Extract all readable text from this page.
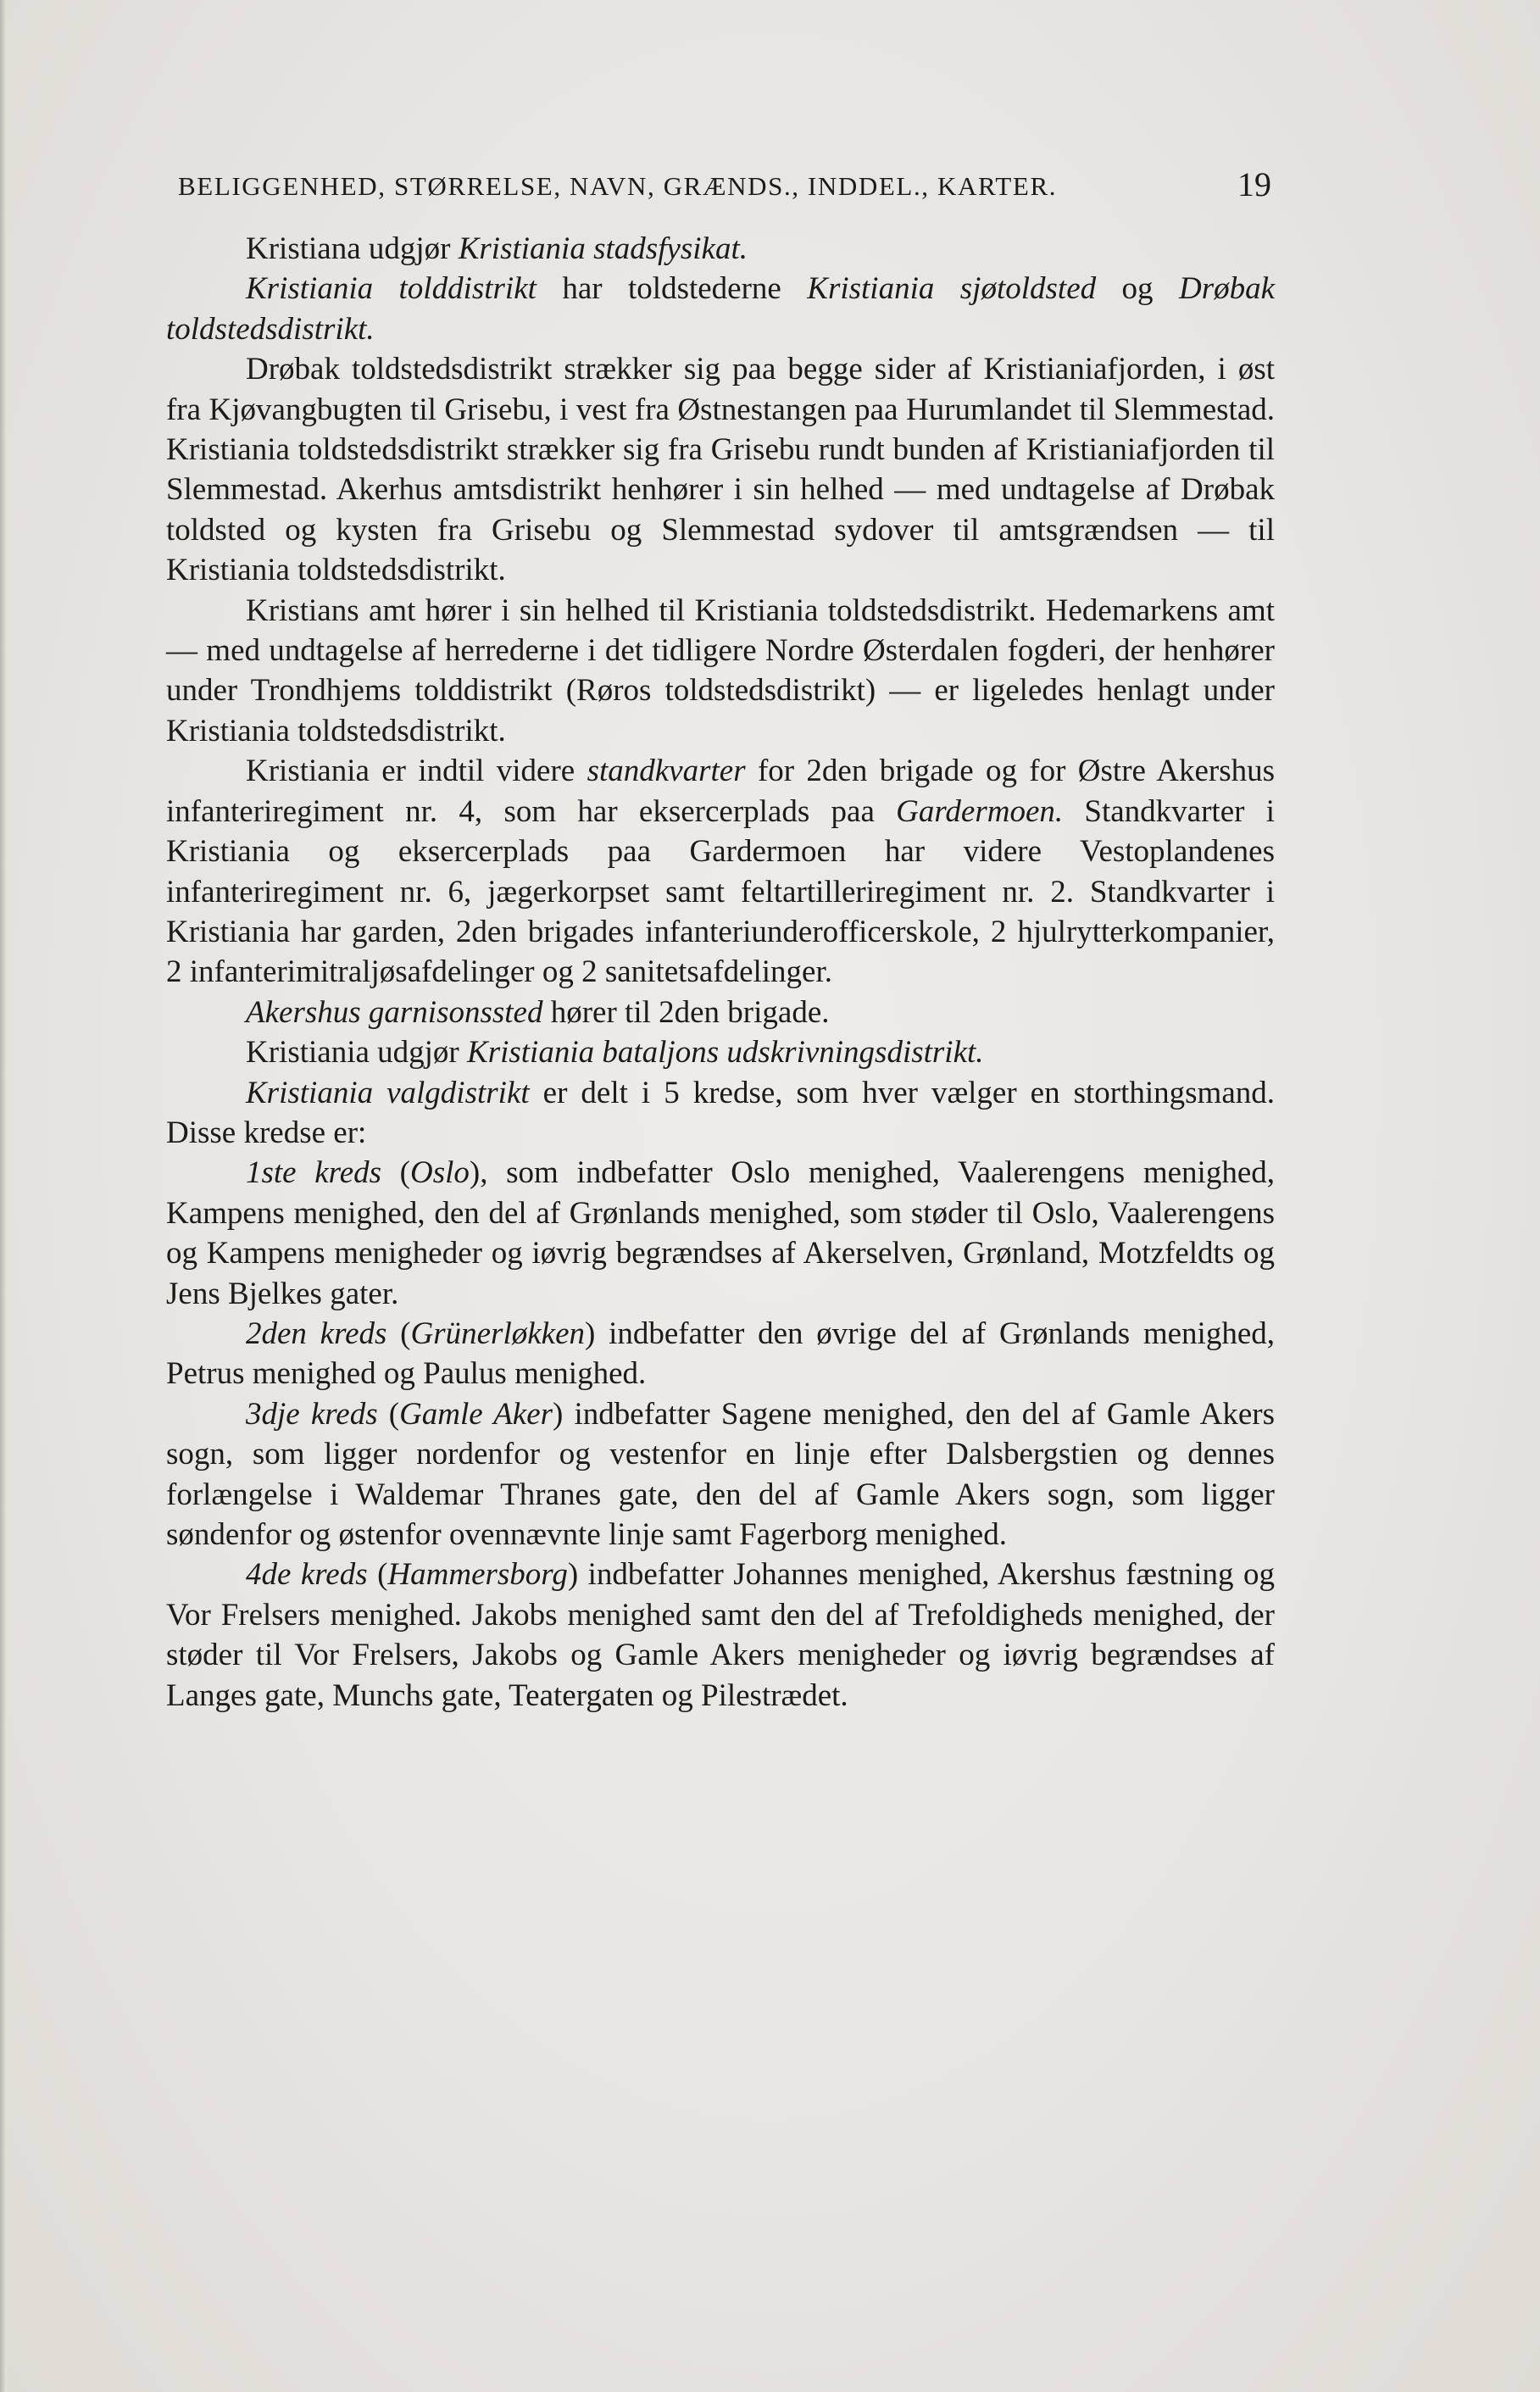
BELIGGENHED, STØRRELSE, NAVN, GRÆNDS., INDDEL., KARTER.	19

Kristiana udgjør Kristiania stadsfysikat.

Kristiania tolddistrikt har toldstederne Kristiania sjøtoldsted og Drøbak toldstedsdistrikt.

Drøbak toldstedsdistrikt strækker sig paa begge sider af Kristianiafjorden, i øst fra Kjøvangbugten til Grisebu, i vest fra Østnestangen paa Hurumlandet til Slemmestad. Kristiania toldstedsdistrikt strækker sig fra Grisebu rundt bunden af Kristianiafjorden til Slemmestad. Akerhus amtsdistrikt henhører i sin helhed — med undtagelse af Drøbak toldsted og kysten fra Grisebu og Slemmestad sydover til amtsgrændsen — til Kristiania toldstedsdistrikt.

Kristians amt hører i sin helhed til Kristiania toldstedsdistrikt. Hedemarkens amt — med undtagelse af herrederne i det tidligere Nordre Østerdalen fogderi, der henhører under Trondhjems tolddistrikt (Røros toldstedsdistrikt) — er ligeledes henlagt under Kristiania toldstedsdistrikt.

Kristiania er indtil videre standkvarter for 2den brigade og for Østre Akershus infanteriregiment nr. 4, som har eksercerplads paa Gardermoen. Standkvarter i Kristiania og eksercerplads paa Gardermoen har videre Vestoplandenes infanteriregiment nr. 6, jægerkorpset samt feltartilleriregiment nr. 2. Standkvarter i Kristiania har garden, 2den brigades infanteriunderofficerskole, 2 hjulrytterkompanier, 2 infanterimitraljøsafdelinger og 2 sanitetsafdelinger.

Akershus garnisonssted hører til 2den brigade.

Kristiania udgjør Kristiania bataljons udskrivningsdistrikt.

Kristiania valgdistrikt er delt i 5 kredse, som hver vælger en storthingsmand. Disse kredse er:

1ste kreds (Oslo), som indbefatter Oslo menighed, Vaalerengens menighed, Kampens menighed, den del af Grønlands menighed, som støder til Oslo, Vaalerengens og Kampens menigheder og iøvrig begrændses af Akerselven, Grønland, Motzfeldts og Jens Bjelkes gater.

2den kreds (Grünerløkken) indbefatter den øvrige del af Grønlands menighed, Petrus menighed og Paulus menighed.

3dje kreds (Gamle Aker) indbefatter Sagene menighed, den del af Gamle Akers sogn, som ligger nordenfor og vestenfor en linje efter Dalsbergstien og dennes forlængelse i Waldemar Thranes gate, den del af Gamle Akers sogn, som ligger søndenfor og østenfor ovennævnte linje samt Fagerborg menighed.

4de kreds (Hammersborg) indbefatter Johannes menighed, Akershus fæstning og Vor Frelsers menighed. Jakobs menighed samt den del af Trefoldigheds menighed, der støder til Vor Frelsers, Jakobs og Gamle Akers menigheder og iøvrig begrændses af Langes gate, Munchs gate, Teatergaten og Pilestrædet.
